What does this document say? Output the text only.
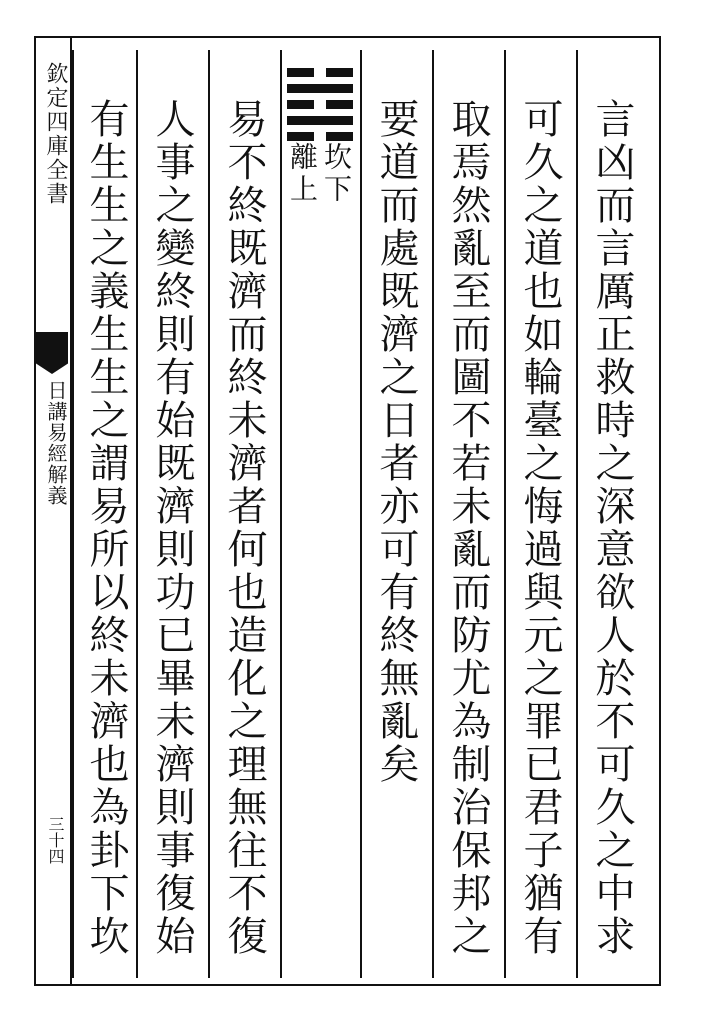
欽定四庫全書
日講易經解義
三十四	言凶而言厲正救時之深意欲人於不可久之中求
可久之道也如輪臺之悔過與元之罪已君子猶有
取焉然亂至而圖不若未亂而防尤為制治保邦之
要道而處既濟之日者亦可有終無亂矣
坎下
離上
易不終既濟而終未濟者何也造化之理無往不復
人事之變終則有始既濟則功已畢未濟則事復始
有生生之義生生之謂易所以終未濟也為卦下坎
